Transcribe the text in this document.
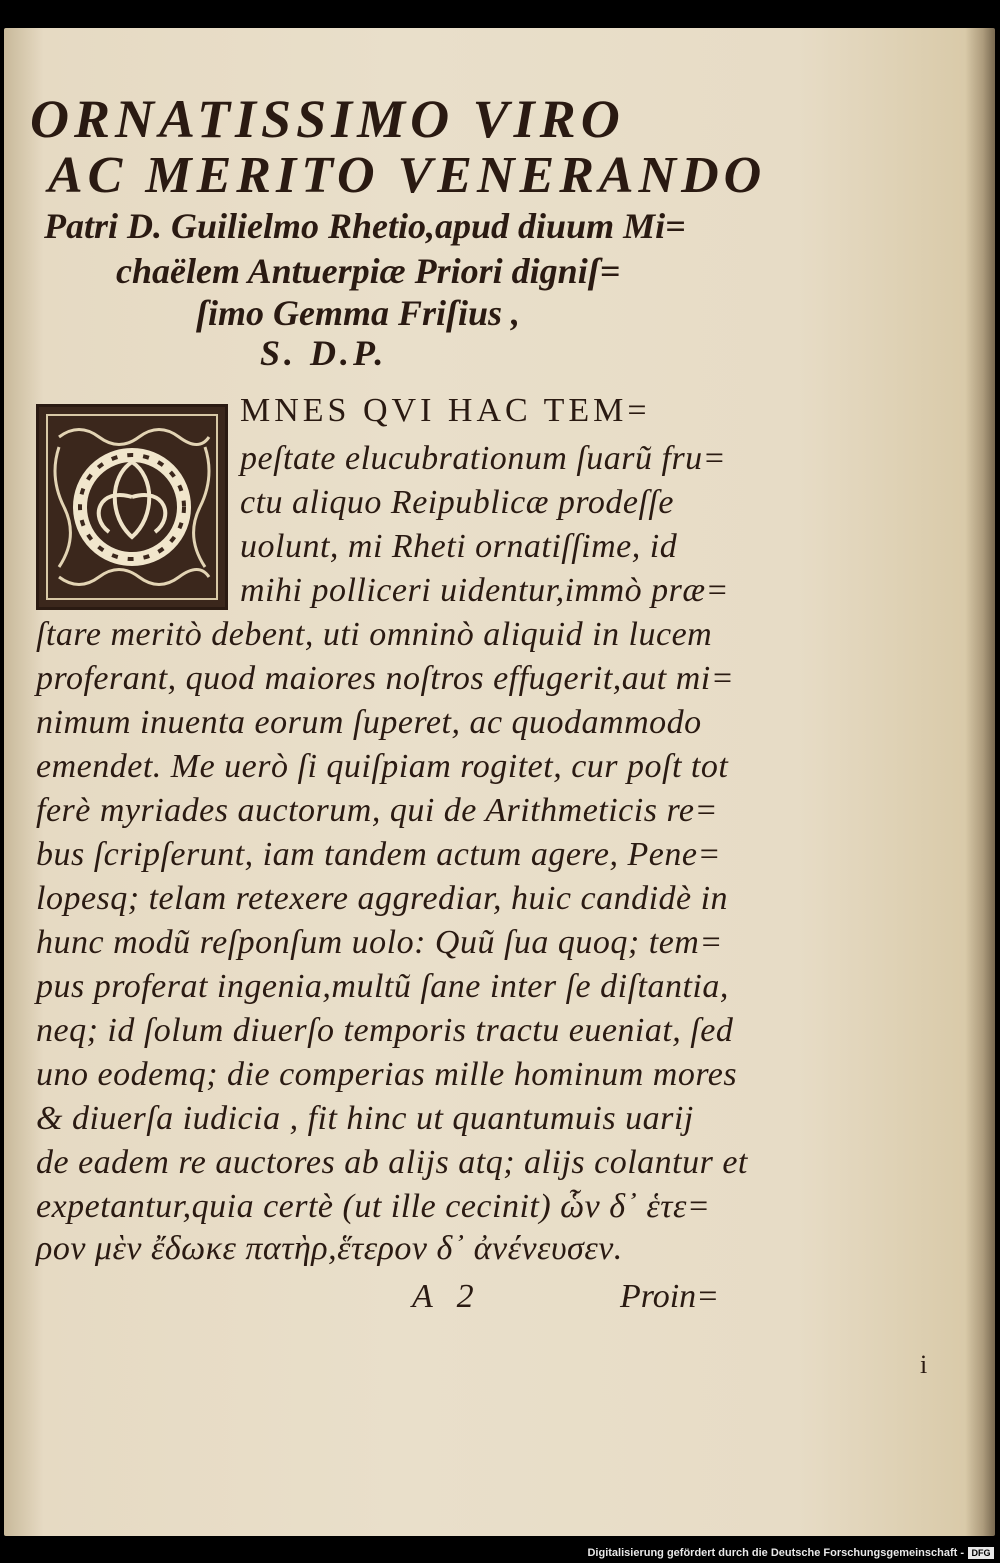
ORNATISSIMO VIRO
AC MERITO VENERANDO
Patri D. Guilielmo Rhetio,apud diuum Mi=
chaëlem Antuerpiæ Priori digniſ=
ſimo Gemma Friſius ,
S. D.P.
MNES QVI HAC TEM=
peſtate elucubrationum ſuarũ fru=
ctu aliquo Reipublicæ prodeſſe
uolunt, mi Rheti ornatiſſime, id
mihi polliceri uidentur,immò præ=
ſtare meritò debent, uti omninò aliquid in lucem
proferant, quod maiores noſtros effugerit,aut mi=
nimum inuenta eorum ſuperet, ac quodammodo
emendet. Me uerò ſi quiſpiam rogitet, cur poſt tot
ferè myriades auctorum, qui de Arithmeticis re=
bus ſcripſerunt, iam tandem actum agere, Pene=
lopesq; telam retexere aggrediar, huic candidè in
hunc modũ reſponſum uolo: Quũ ſua quoq; tem=
pus proferat ingenia,multũ ſane inter ſe diſtantia,
neq; id ſolum diuerſo temporis tractu eueniat, ſed
uno eodemq; die comperias mille hominum mores
& diuerſa iudicia , fit hinc ut quantumuis uarij
de eadem re auctores ab alijs atq; alijs colantur et
expetantur,quia certè (ut ille cecinit) ὧν δ᾽ ἑτε=
ρον μὲν ἔδωκε πατὴρ,ἕτερον δ᾽ ἀνένευσεν.
A 2	Proin=
i
Digitalisierung gefördert durch die Deutsche Forschungsgemeinschaft - DFG
